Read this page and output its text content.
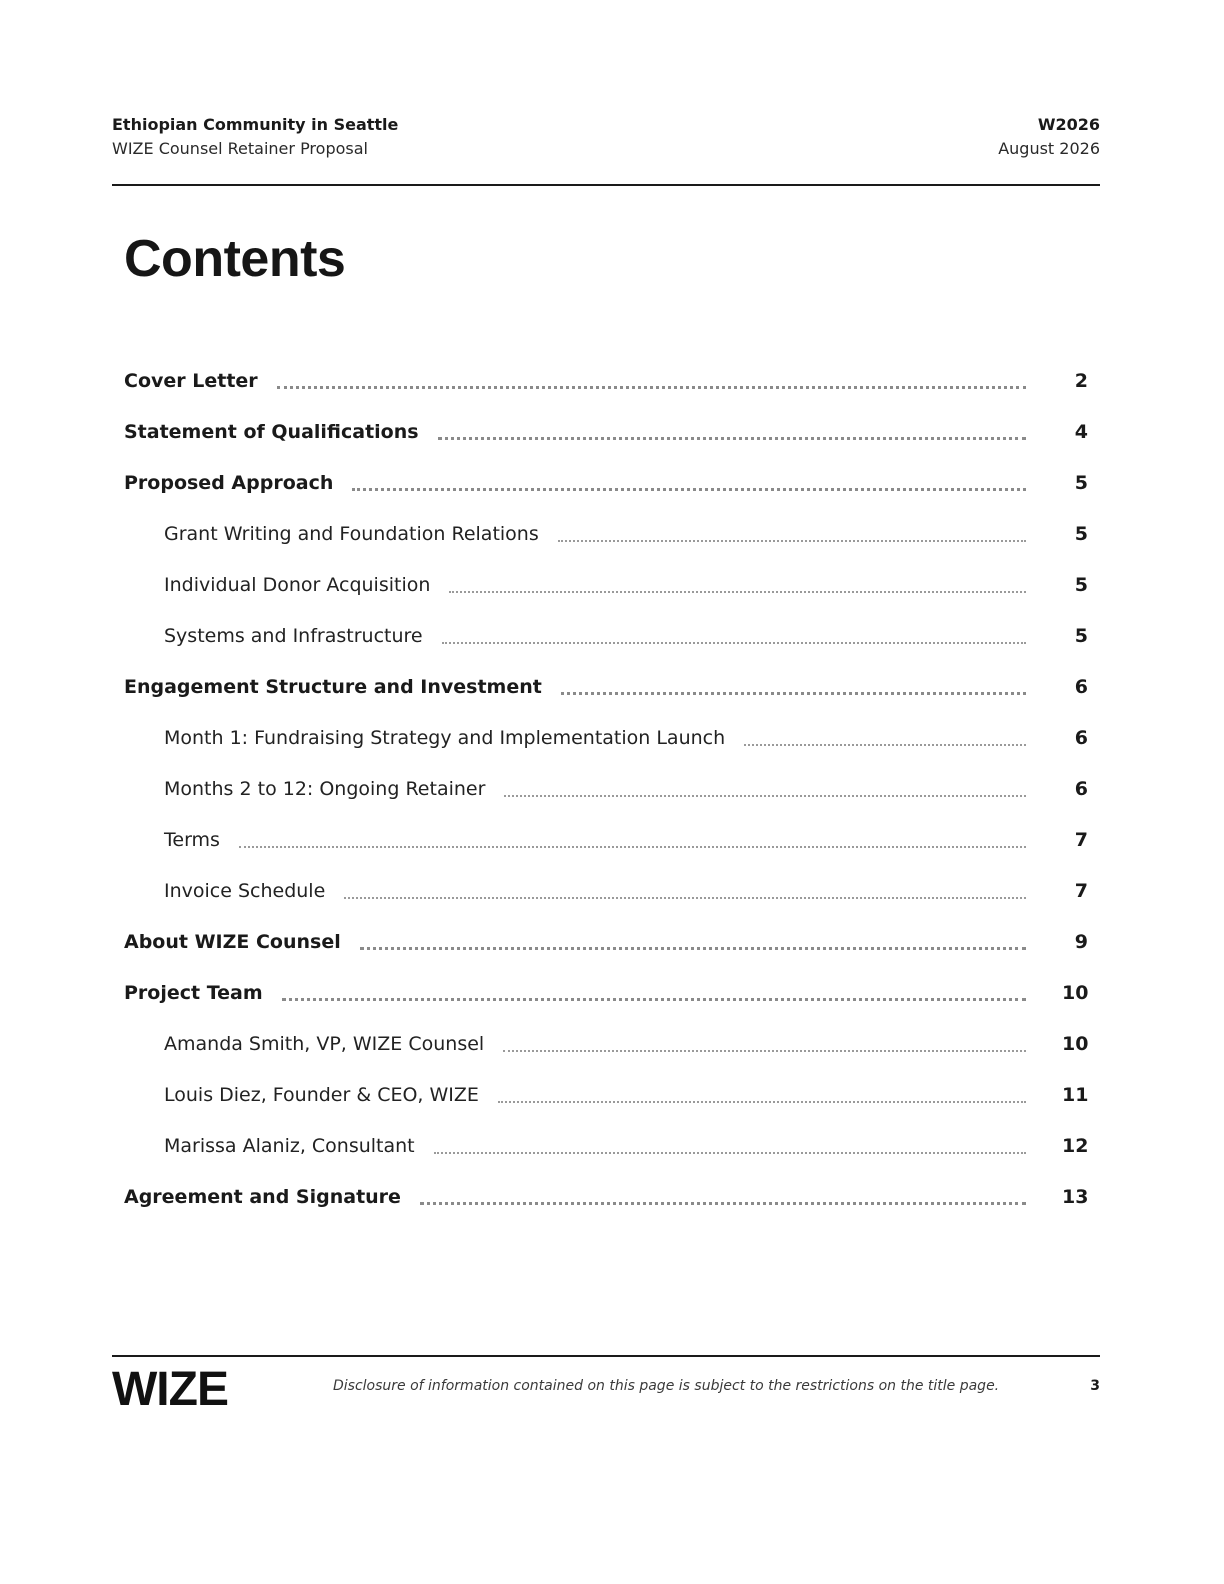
Ethiopian Community in Seattle
WIZE Counsel Retainer Proposal
W2026
August 2026
Contents
Cover Letter	2
Statement of Qualifications	4
Proposed Approach	5
Grant Writing and Foundation Relations	5
Individual Donor Acquisition	5
Systems and Infrastructure	5
Engagement Structure and Investment	6
Month 1: Fundraising Strategy and Implementation Launch	6
Months 2 to 12: Ongoing Retainer	6
Terms	7
Invoice Schedule	7
About WIZE Counsel	9
Project Team	10
Amanda Smith, VP, WIZE Counsel	10
Louis Diez, Founder & CEO, WIZE	11
Marissa Alaniz, Consultant	12
Agreement and Signature	13
WIZE	Disclosure of information contained on this page is subject to the restrictions on the title page.	3
